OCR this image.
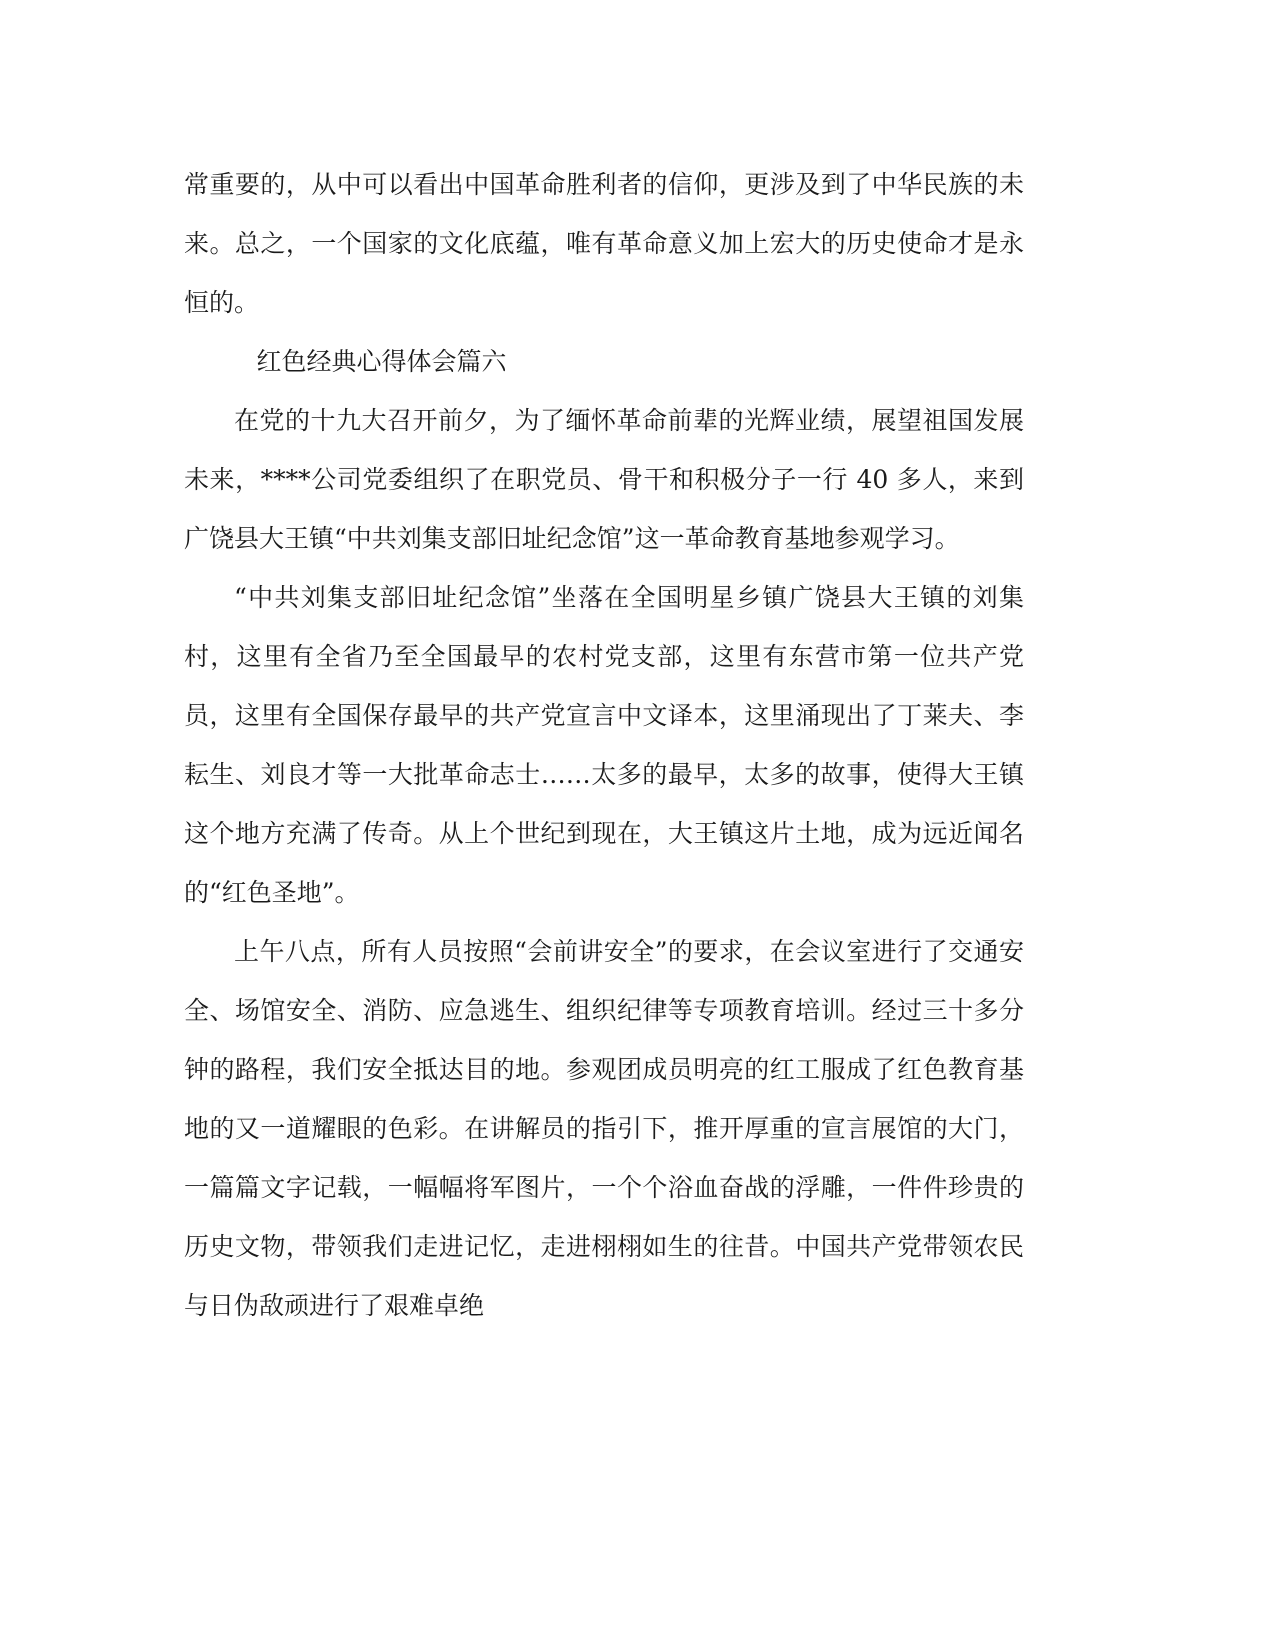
常重要的，从中可以看出中国革命胜利者的信仰，更涉及到了中华民族的未来。总之，一个国家的文化底蕴，唯有革命意义加上宏大的历史使命才是永恒的。

红色经典心得体会篇六

在党的十九大召开前夕，为了缅怀革命前辈的光辉业绩，展望祖国发展未来，****公司党委组织了在职党员、骨干和积极分子一行 40 多人，来到广饶县大王镇“中共刘集支部旧址纪念馆”这一革命教育基地参观学习。

“中共刘集支部旧址纪念馆”坐落在全国明星乡镇广饶县大王镇的刘集村，这里有全省乃至全国最早的农村党支部，这里有东营市第一位共产党员，这里有全国保存最早的共产党宣言中文译本，这里涌现出了丁莱夫、李耘生、刘良才等一大批革命志士……太多的最早，太多的故事，使得大王镇这个地方充满了传奇。从上个世纪到现在，大王镇这片土地，成为远近闻名的“红色圣地”。

上午八点，所有人员按照“会前讲安全”的要求，在会议室进行了交通安全、场馆安全、消防、应急逃生、组织纪律等专项教育培训。经过三十多分钟的路程，我们安全抵达目的地。参观团成员明亮的红工服成了红色教育基地的又一道耀眼的色彩。在讲解员的指引下，推开厚重的宣言展馆的大门，一篇篇文字记载，一幅幅将军图片，一个个浴血奋战的浮雕，一件件珍贵的历史文物，带领我们走进记忆，走进栩栩如生的往昔。中国共产党带领农民与日伪敌顽进行了艰难卓绝
